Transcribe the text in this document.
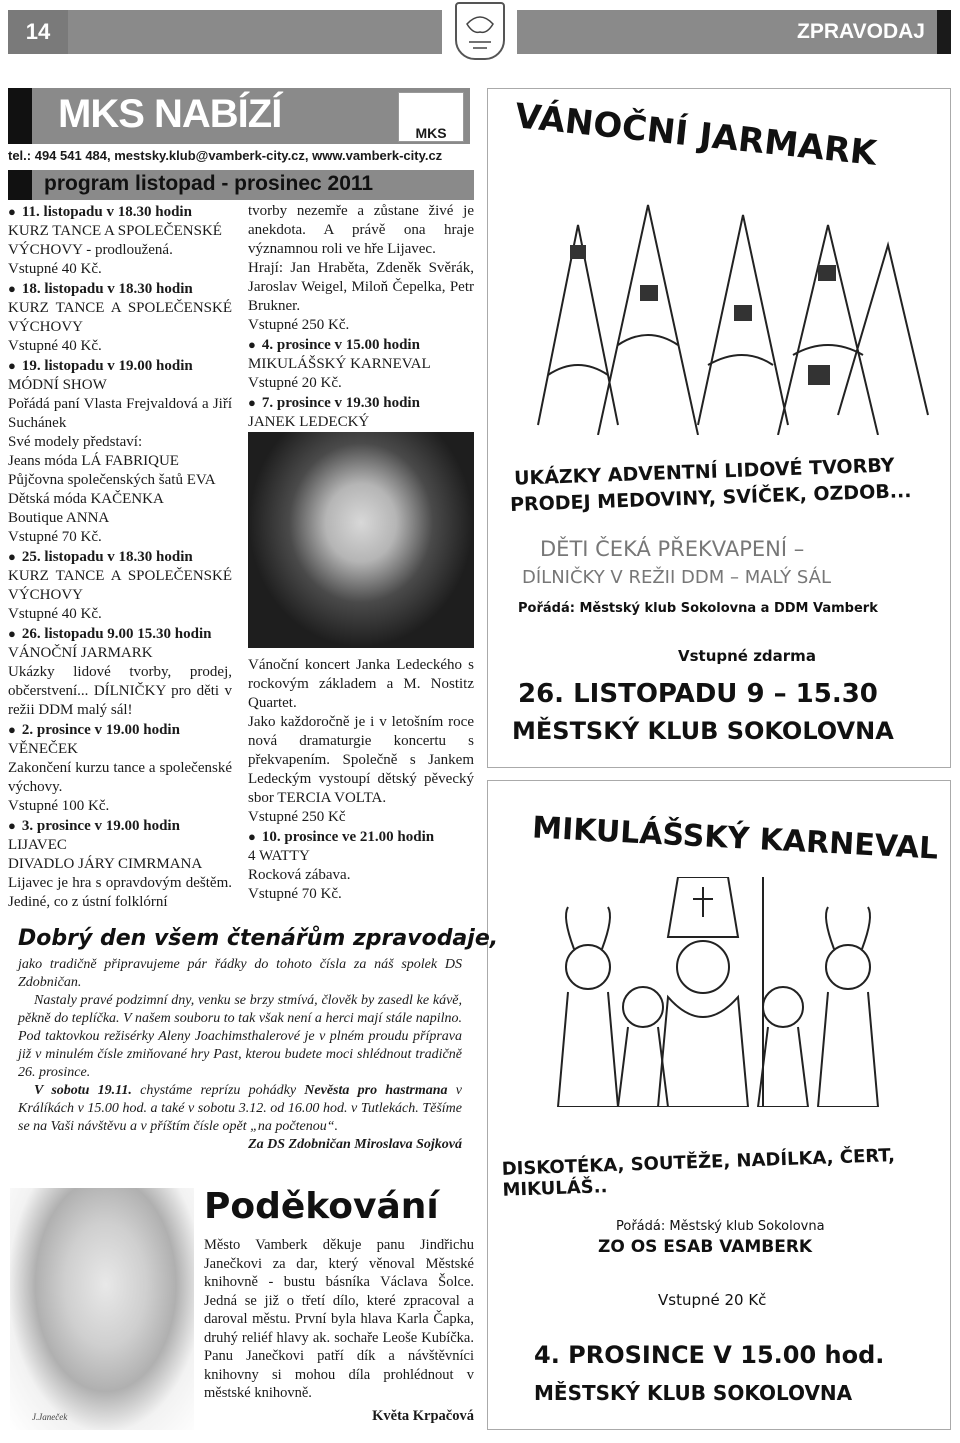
14	ZPRAVODAJ
MKS NABÍZÍ	MKS
tel.: 494 541 484, mestsky.klub@vamberk-city.cz, www.vamberk-city.cz
program listopad - prosinec 2011

● 11. listopadu v 18.30 hodin

KURZ TANCE A SPOLEČENSKÉ VÝCHOVY - prodloužená.

Vstupné 40 Kč.

● 18. listopadu v 18.30 hodin

KURZ TANCE A SPOLEČENSKÉ VÝCHOVY

Vstupné 40 Kč.

● 19. listopadu v 19.00 hodin

MÓDNÍ SHOW

Pořádá paní Vlasta Frejvaldová a Jiří Suchánek

Své modely představí:

Jeans móda LÁ FABRIQUE

Půjčovna společenských šatů EVA

Dětská móda KAČENKA

Boutique ANNA

Vstupné 70 Kč.

● 25. listopadu v 18.30 hodin

KURZ TANCE A SPOLEČENSKÉ VÝCHOVY

Vstupné 40 Kč.

● 26. listopadu 9.00 15.30 hodin

VÁNOČNÍ JARMARK

Ukázky lidové tvorby, prodej, občerstvení... DÍLNIČKY pro děti v režii DDM malý sál!

● 2. prosince v 19.00 hodin

VĚNEČEK

Zakončení kurzu tance a společenské výchovy.

Vstupné 100 Kč.

● 3. prosince v 19.00 hodin

LIJAVEC

DIVADLO JÁRY CIMRMANA

Lijavec je hra s opravdovým deštěm. Jediné, co z ústní folklórní

tvorby nezemře a zůstane živé je anekdota. A právě ona hraje významnou roli ve hře Lijavec.

Hrají: Jan Hraběta, Zdeněk Svěrák, Jaroslav Weigel, Miloň Čepelka, Petr Brukner.

Vstupné 250 Kč.

● 4. prosince v 15.00 hodin

MIKULÁŠSKÝ KARNEVAL

Vstupné 20 Kč.

● 7. prosince v 19.30 hodin

JANEK LEDECKÝ

Vánoční koncert Janka Ledeckého s rockovým základem a M. Nostitz Quartet.

Jako každoročně je i v letošním roce nová dramaturgie koncertu s překvapením. Společně s Jankem Ledeckým vystoupí dětský pěvecký sbor TERCIA VOLTA.

Vstupné 250 Kč

● 10. prosince ve 21.00 hodin

4 WATTY

Rocková zábava.

Vstupné 70 Kč.

VÁNOČNÍ JARMARK
UKÁZKY ADVENTNÍ LIDOVÉ TVORBY
PRODEJ MEDOVINY, SVÍČEK, OZDOB...
DĚTI ČEKÁ PŘEKVAPENÍ –
DÍLNIČKY V REŽII DDM – MALÝ SÁL
Pořádá: Městský klub Sokolovna a DDM Vamberk
Vstupné zdarma
26. LISTOPADU 9 – 15.30
MĚSTSKÝ KLUB SOKOLOVNA
MIKULÁŠSKÝ KARNEVAL
DISKOTÉKA, SOUTĚŽE, NADÍLKA, ČERT, MIKULÁŠ..
Pořádá: Městský klub Sokolovna
ZO OS ESAB VAMBERK
Vstupné 20 Kč
4. PROSINCE V 15.00 hod.
MĚSTSKÝ KLUB SOKOLOVNA
Dobrý den všem čtenářům zpravodaje,

jako tradičně připravujeme pár řádky do tohoto čísla za náš spolek DS Zdobničan.

Nastaly pravé podzimní dny, venku se brzy stmívá, člověk by zasedl ke kávě, pěkně do teplíčka. V našem souboru to tak však není a herci mají stále napilno. Pod taktovkou režisérky Aleny Joachimsthalerové je v plném proudu příprava již v minulém čísle zmiňované hry Past, kterou budete moci shlédnout tradičně 26. prosince.

V sobotu 19.11. chystáme reprízu pohádky Nevěsta pro hastrmana v Králíkách v 15.00 hod. a také v sobotu 3.12. od 16.00 hod. v Tutlekách. Těšíme se na Vaši návštěvu a v příštím čísle opět „na počtenou“.

Za DS Zdobničan Miroslava Sojková

J.Janeček
Poděkování

Město Vamberk děkuje panu Jindřichu Janečkovi za dar, který věnoval Městské knihovně - bustu básníka Václava Šolce. Jedná se již o třetí dílo, které zpracoval a daroval městu. První byla hlava Karla Čapka, druhý reliéf hlavy ak. sochaře Leoše Kubíčka. Panu Janečkovi patří dík a návštěvníci knihovny si mohou díla prohlédnout v městské knihovně.

Květa Krpačová
